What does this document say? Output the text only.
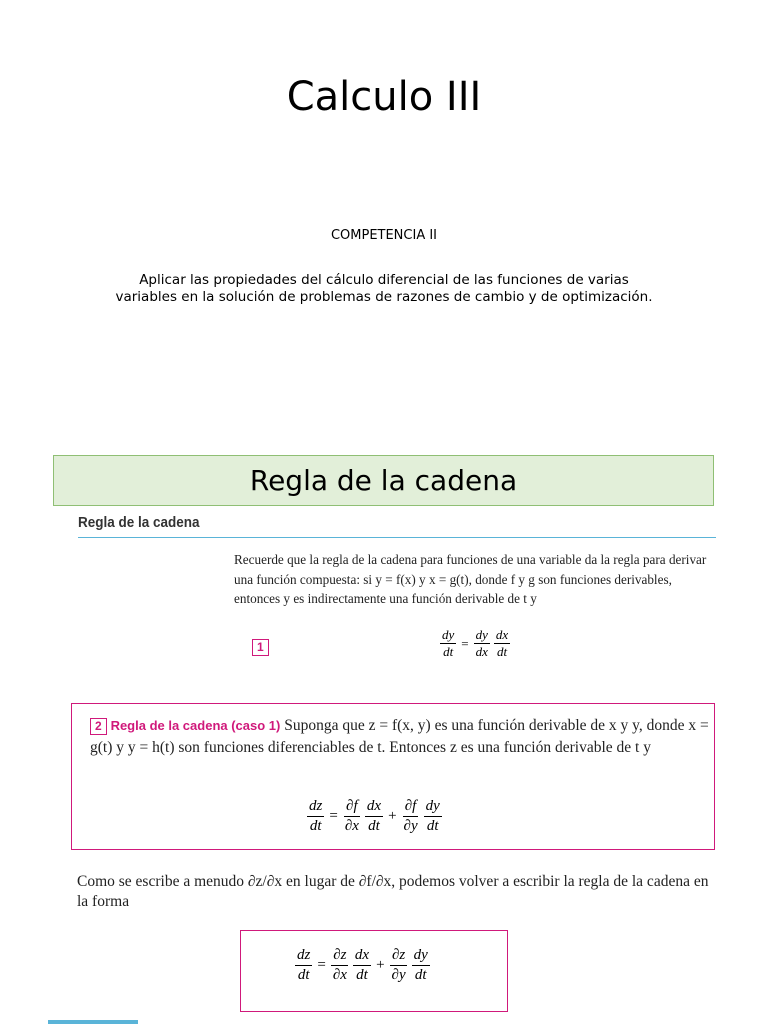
Calculo III
COMPETENCIA II
Aplicar las propiedades del cálculo diferencial de las funciones de varias
variables en la solución de problemas de razones de cambio y de optimización.
Regla de la cadena
Regla de la cadena
Recuerde que la regla de la cadena para funciones de una variable da la regla para derivar una función compuesta: si y = f(x) y x = g(t), donde f y g son funciones derivables, entonces y es indirectamente una función derivable de t y
1	$\frac{dy}{dt} = \frac{dy}{dx} \frac{dx}{dt}$
2 Regla de la cadena (caso 1) Suponga que z = f(x, y) es una función derivable de x y y, donde x = g(t) y y = h(t) son funciones diferenciables de t. Entonces z es una función derivable de t y
$\frac{dz}{dt} = \frac{\partial f}{\partial x} \frac{dx}{dt} + \frac{\partial f}{\partial y} \frac{dy}{dt}$
Como se escribe a menudo ∂z/∂x en lugar de ∂f/∂x, podemos volver a escribir la regla de la cadena en la forma
$\frac{dz}{dt} = \frac{\partial z}{\partial x} \frac{dx}{dt} + \frac{\partial z}{\partial y} \frac{dy}{dt}$
